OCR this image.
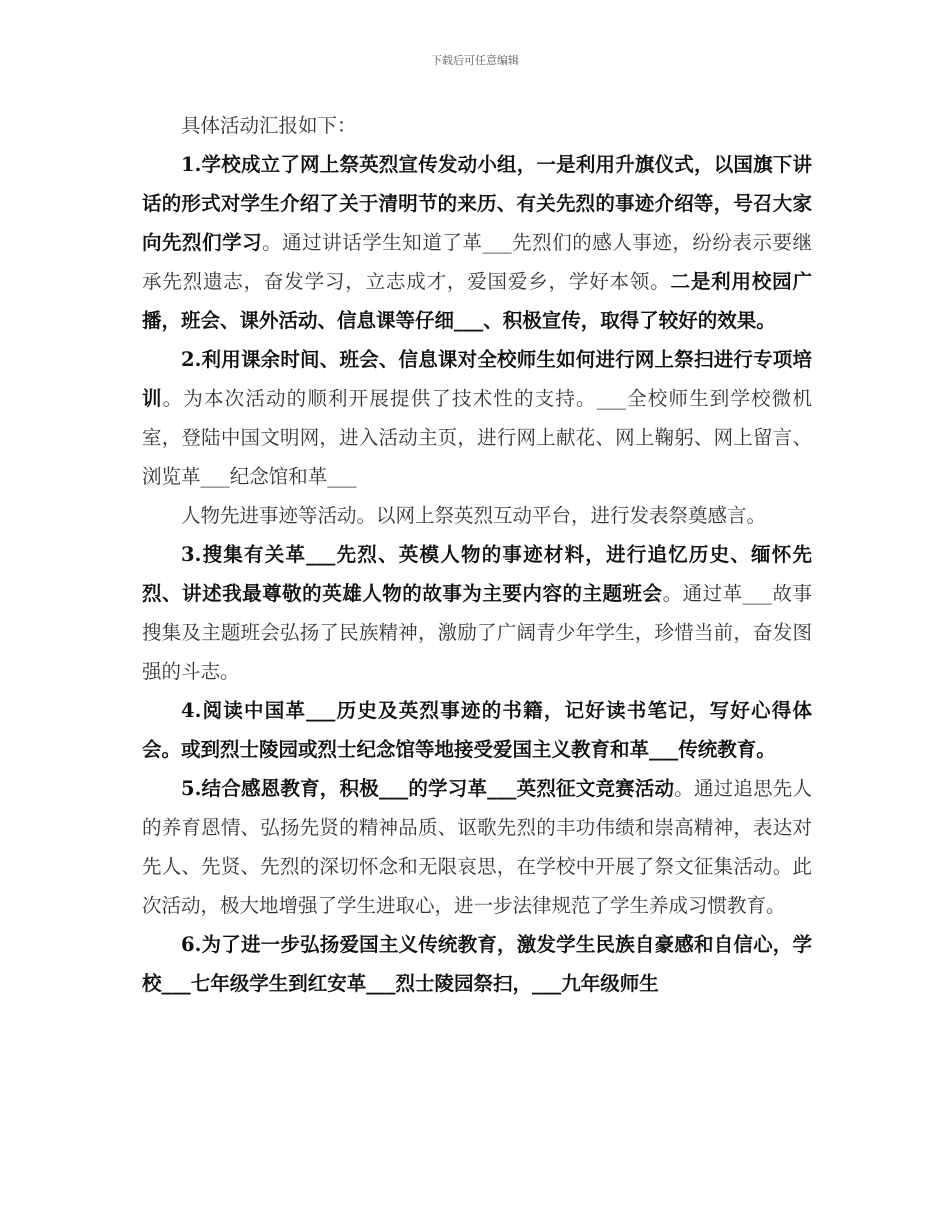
下载后可任意编辑

具体活动汇报如下：

1.学校成立了网上祭英烈宣传发动小组，一是利用升旗仪式，以国旗下讲话的形式对学生介绍了关于清明节的来历、有关先烈的事迹介绍等，号召大家向先烈们学习。通过讲话学生知道了革___先烈们的感人事迹，纷纷表示要继承先烈遗志，奋发学习，立志成才，爱国爱乡，学好本领。二是利用校园广播，班会、课外活动、信息课等仔细___、积极宣传，取得了较好的效果。

2.利用课余时间、班会、信息课对全校师生如何进行网上祭扫进行专项培训。为本次活动的顺利开展提供了技术性的支持。___全校师生到学校微机室，登陆中国文明网，进入活动主页，进行网上献花、网上鞠躬、网上留言、浏览革___纪念馆和革___

人物先进事迹等活动。以网上祭英烈互动平台，进行发表祭奠感言。

3.搜集有关革___先烈、英模人物的事迹材料，进行追忆历史、缅怀先烈、讲述我最尊敬的英雄人物的故事为主要内容的主题班会。通过革___故事搜集及主题班会弘扬了民族精神，激励了广阔青少年学生，珍惜当前，奋发图强的斗志。

4.阅读中国革___历史及英烈事迹的书籍，记好读书笔记，写好心得体会。或到烈士陵园或烈士纪念馆等地接受爱国主义教育和革___传统教育。

5.结合感恩教育，积极___的学习革___英烈征文竞赛活动。通过追思先人的养育恩情、弘扬先贤的精神品质、讴歌先烈的丰功伟绩和崇高精神，表达对先人、先贤、先烈的深切怀念和无限哀思，在学校中开展了祭文征集活动。此次活动，极大地增强了学生进取心，进一步法律规范了学生养成习惯教育。

6.为了进一步弘扬爱国主义传统教育，激发学生民族自豪感和自信心，学校___七年级学生到红安革___烈士陵园祭扫，___九年级师生
